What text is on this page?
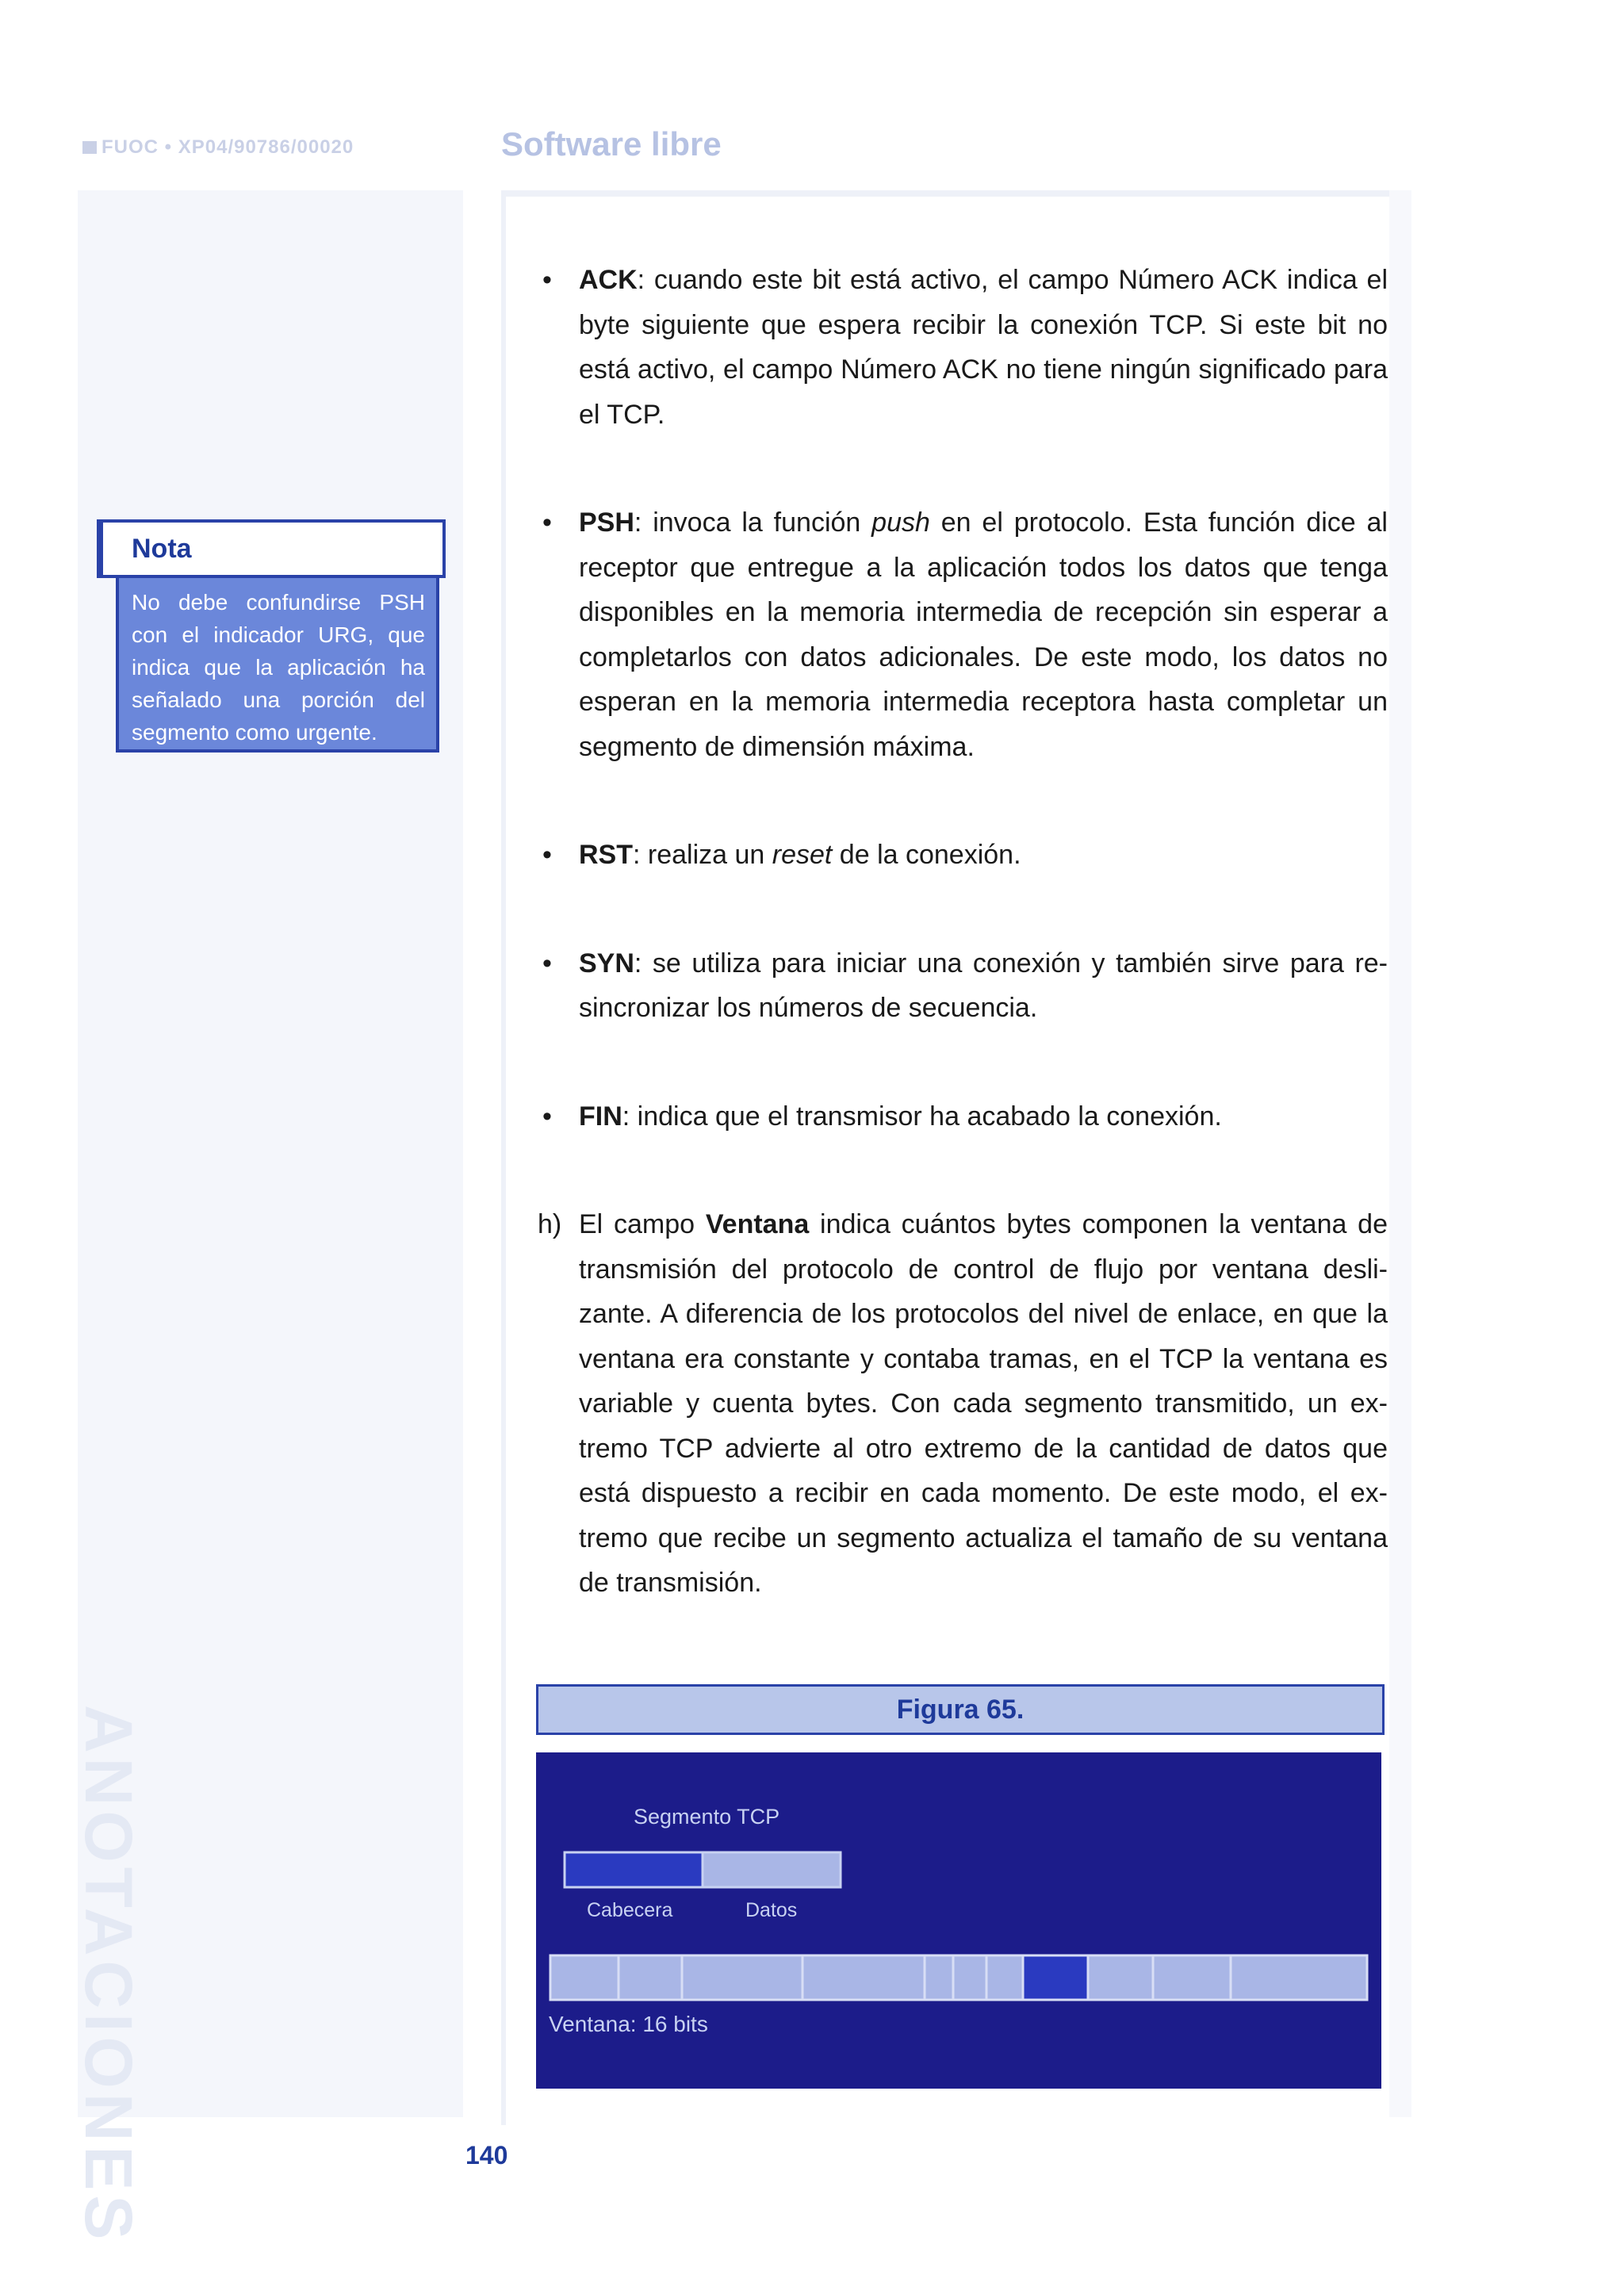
FUOC • XP04/90786/00020	Software libre
ANOTACIONES
Nota
No debe confundirse PSH con el indicador URG, que indica que la aplicación ha señalado una porción del segmento como urgente.
• ACK: cuando este bit está activo, el campo Número ACK indica el byte siguiente que espera recibir la conexión TCP. Si este bit no está activo, el campo Número ACK no tiene ningún significado para el TCP.
• PSH: invoca la función push en el protocolo. Esta función dice al receptor que entregue a la aplicación todos los datos que tenga disponibles en la memoria intermedia de recepción sin esperar a completarlos con datos adicionales. De este modo, los datos no esperan en la memoria intermedia receptora hasta completar un segmento de dimensión máxima.
• RST: realiza un reset de la conexión.
• SYN: se utiliza para iniciar una conexión y también sirve para re-sincronizar los números de secuencia.
• FIN: indica que el transmisor ha acabado la conexión.
h) El campo Ventana indica cuántos bytes componen la ventana de transmisión del protocolo de control de flujo por ventana desli-zante. A diferencia de los protocolos del nivel de enlace, en que la ventana era constante y contaba tramas, en el TCP la ventana es variable y cuenta bytes. Con cada segmento transmitido, un ex-tremo TCP advierte al otro extremo de la cantidad de datos que está dispuesto a recibir en cada momento. De este modo, el ex-tremo que recibe un segmento actualiza el tamaño de su ventana de transmisión.
Figura 65.
Segmento TCP
Cabecera	Datos
Ventana: 16 bits
140
